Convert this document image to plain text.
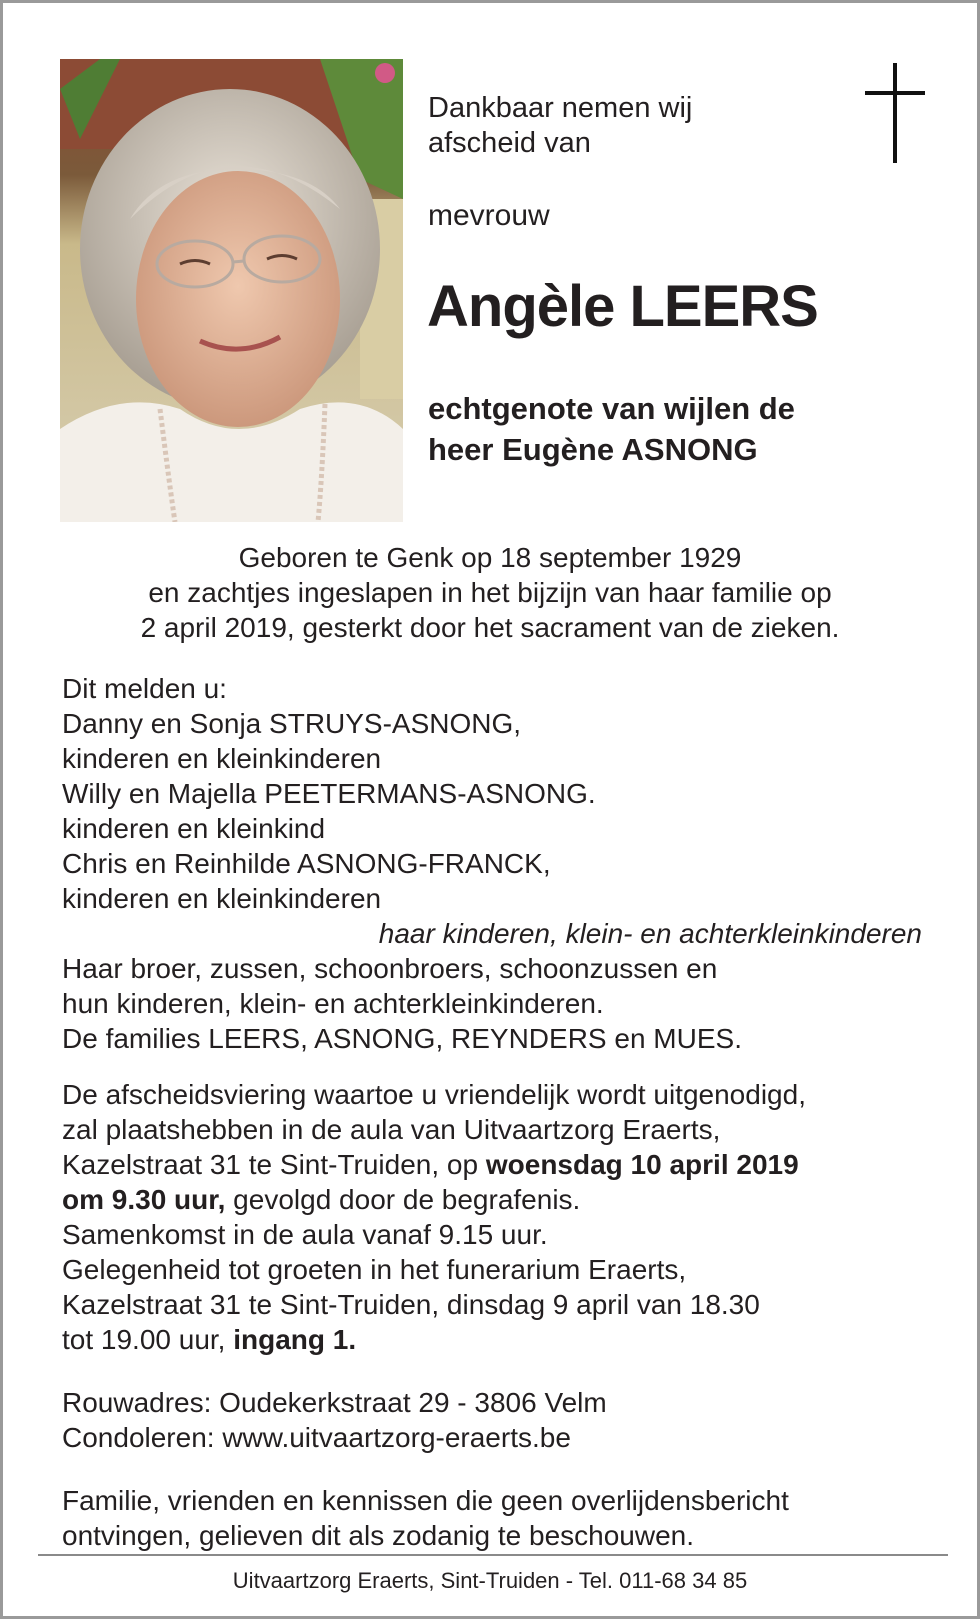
Dankbaar nemen wij
afscheid van
mevrouw
Angèle LEERS
echtgenote van wijlen de
heer Eugène ASNONG
Geboren te Genk op 18 september 1929
en zachtjes ingeslapen in het bijzijn van haar familie op
2 april 2019, gesterkt door het sacrament van de zieken.
Dit melden u:
Danny en Sonja STRUYS-ASNONG,
kinderen en kleinkinderen
Willy en Majella PEETERMANS-ASNONG.
kinderen en kleinkind
Chris en Reinhilde ASNONG-FRANCK,
kinderen en kleinkinderen
haar kinderen, klein- en achterkleinkinderen
Haar broer, zussen, schoonbroers, schoonzussen en
hun kinderen, klein- en achterkleinkinderen.
De families LEERS, ASNONG, REYNDERS en MUES.
De afscheidsviering waartoe u vriendelijk wordt uitgenodigd,
zal plaatshebben in de aula van Uitvaartzorg Eraerts,
Kazelstraat 31 te Sint-Truiden, op woensdag 10 april 2019
om 9.30 uur, gevolgd door de begrafenis.
Samenkomst in de aula vanaf 9.15 uur.
Gelegenheid tot groeten in het funerarium Eraerts,
Kazelstraat 31 te Sint-Truiden, dinsdag 9 april van 18.30
tot 19.00 uur, ingang 1.
Rouwadres: Oudekerkstraat 29 - 3806 Velm
Condoleren: www.uitvaartzorg-eraerts.be
Familie, vrienden en kennissen die geen overlijdensbericht
ontvingen, gelieven dit als zodanig te beschouwen.
Uitvaartzorg Eraerts, Sint-Truiden - Tel. 011-68 34 85
